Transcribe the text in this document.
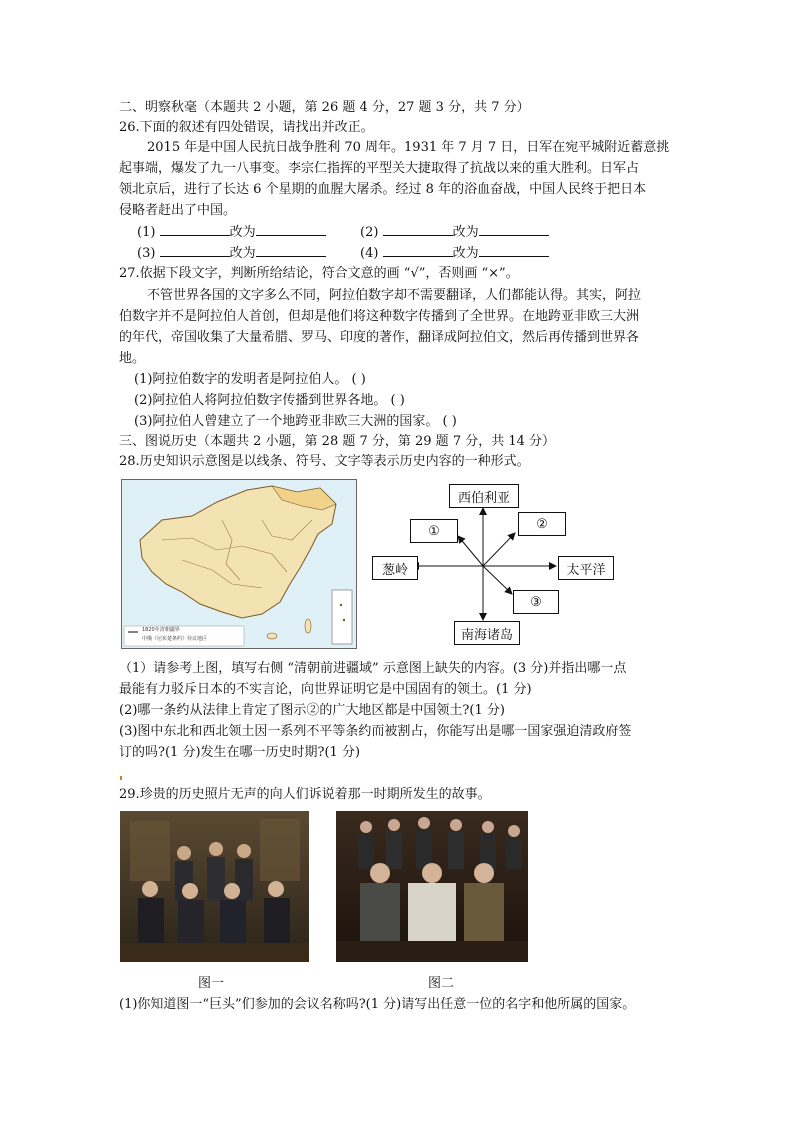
二、明察秋毫（本题共 2 小题，第 26 题 4 分，27 题 3 分，共 7 分）
26.下面的叙述有四处错误，请找出并改正。
2015 年是中国人民抗日战争胜利 70 周年。1931 年 7 月 7 日，日军在宛平城附近蓄意挑
起事端，爆发了九一八事变。李宗仁指挥的平型关大捷取得了抗战以来的重大胜利。日军占
领北京后，进行了长达 6 个星期的血腥大屠杀。经过 8 年的浴血奋战，中国人民终于把日本
侵略者赶出了中国。
(1)	改为	(2)	改为
(3)	改为	(4)	改为
27.依据下段文字，判断所给结论，符合文意的画 “√”，否则画 “×”。
不管世界各国的文字多么不同，阿拉伯数字却不需要翻译，人们都能认得。其实，阿拉
伯数字并不是阿拉伯人首创，但却是他们将这种数字传播到了全世界。在地跨亚非欧三大洲
的年代，帝国收集了大量希腊、罗马、印度的著作，翻译成阿拉伯文，然后再传播到世界各
地。
(1)阿拉伯数字的发明者是阿拉伯人。 ( )
(2)阿拉伯人将阿拉伯数字传播到世界各地。 ( )
(3)阿拉伯人曾建立了一个地跨亚非欧三大洲的国家。 ( )
三、图说历史（本题共 2 小题，第 28 题 7 分，第 29 题 7 分，共 14 分）
28.历史知识示意图是以线条、符号、文字等表示历史内容的一种形式。
1820年清朝疆界
中俄《尼布楚条约》待议地区
西伯利亚
①	②
葱岭	太平洋
③
南海诸岛
（1）请参考上图，填写右侧 “清朝前进疆域” 示意图上缺失的内容。(3 分)并指出哪一点
最能有力驳斥日本的不实言论，向世界证明它是中国固有的领土。(1 分)
(2)哪一条约从法律上肯定了图示②的广大地区都是中国领土?(1 分)
(3)图中东北和西北领土因一系列不平等条约而被割占，你能写出是哪一国家强迫清政府签
订的吗?(1 分)发生在哪一历史时期?(1 分)
29.珍贵的历史照片无声的向人们诉说着那一时期所发生的故事。
图一	图二
(1)你知道图一“巨头”们参加的会议名称吗?(1 分)请写出任意一位的名字和他所属的国家。
